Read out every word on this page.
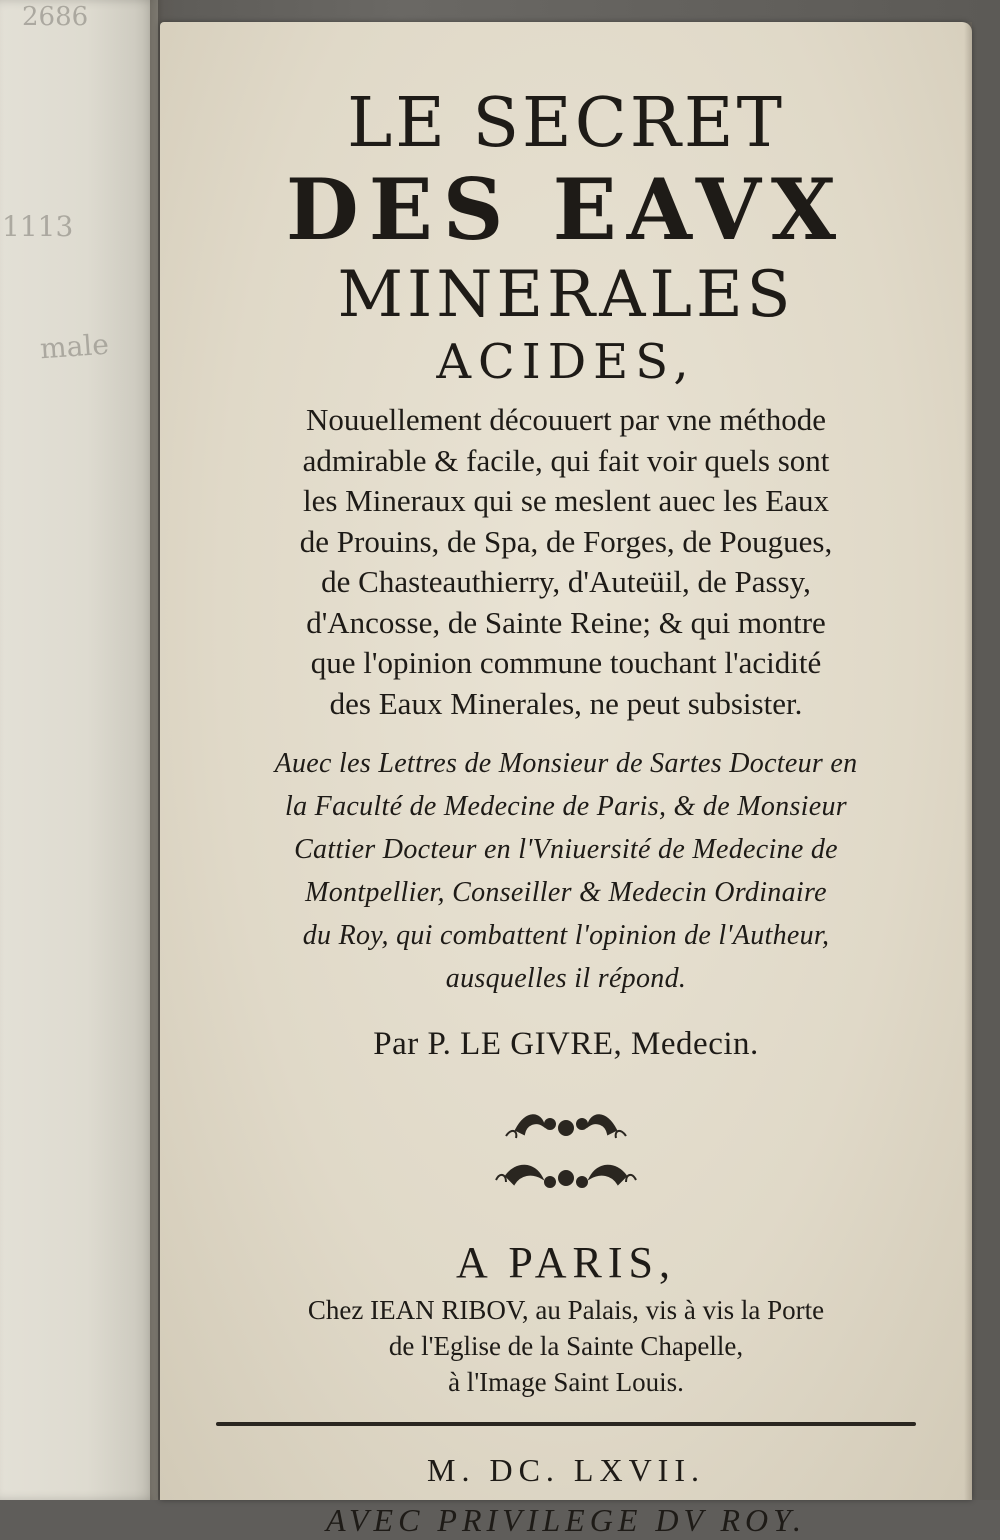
2686
1113
male
LE SECRET
DES EAVX
MINERALES
ACIDES,
Nouuellement découuert par vne méthode
admirable & facile, qui fait voir quels sont
les Mineraux qui se meslent auec les Eaux
de Prouins, de Spa, de Forges, de Pougues,
de Chasteauthierry, d'Auteüil, de Passy,
d'Ancosse, de Sainte Reine; & qui montre
que l'opinion commune touchant l'acidité
des Eaux Minerales, ne peut subsister.
Auec les Lettres de Monsieur de Sartes Docteur en
la Faculté de Medecine de Paris, & de Monsieur
Cattier Docteur en l'Vniuersité de Medecine de
Montpellier, Conseiller & Medecin Ordinaire
du Roy, qui combattent l'opinion de l'Autheur,
ausquelles il répond.
Par P. LE GIVRE, Medecin.
A PARIS,
Chez IEAN RIBOV, au Palais, vis à vis la Porte
de l'Eglise de la Sainte Chapelle,
à l'Image Saint Louis.
M. DC. LXVII.
AVEC PRIVILEGE DV ROY.
